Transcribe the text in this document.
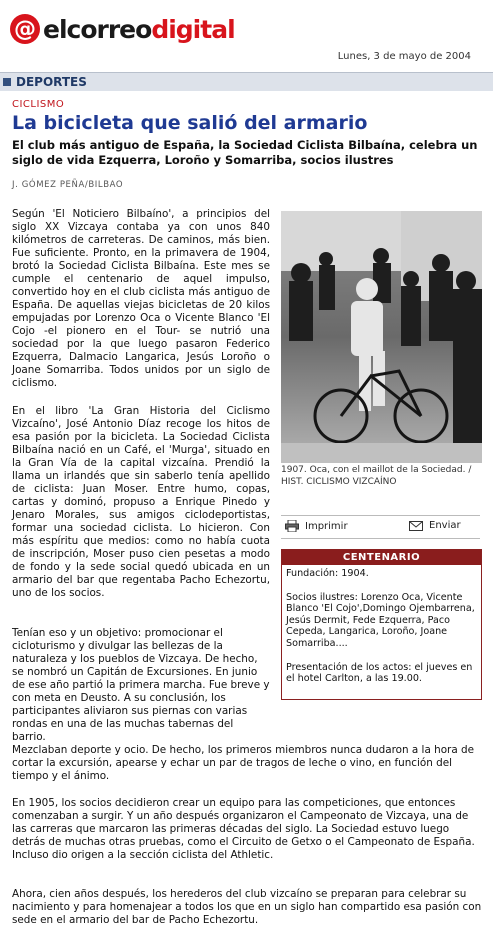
@ elcorreodigital
Lunes, 3 de mayo de 2004
DEPORTES
CICLISMO
La bicicleta que salió del armario
El club más antiguo de España, la Sociedad Ciclista Bilbaína, celebra un siglo de vida Ezquerra, Loroño y Somarriba, socios ilustres
J. GÓMEZ PEÑA/BILBAO

Según 'El Noticiero Bilbaíno', a principios del siglo XX Vizcaya contaba ya con unos 840 kilómetros de carreteras. De caminos, más bien. Fue suficiente. Pronto, en la primavera de 1904, brotó la Sociedad Ciclista Bilbaína. Este mes se cumple el centenario de aquel impulso, convertido hoy en el club ciclista más antiguo de España. De aquellas viejas bicicletas de 20 kilos empujadas por Lorenzo Oca o Vicente Blanco 'El Cojo -el pionero en el Tour- se nutrió una sociedad por la que luego pasaron Federico Ezquerra, Dalmacio Langarica, Jesús Loroño o Joane Somarriba. Todos unidos por un siglo de ciclismo.

En el libro 'La Gran Historia del Ciclismo Vizcaíno', José Antonio Díaz recoge los hitos de esa pasión por la bicicleta. La Sociedad Ciclista Bilbaína nació en un Café, el 'Murga', situado en la Gran Vía de la capital vizcaína. Prendió la llama un irlandés que sin saberlo tenía apellido de ciclista: Juan Moser. Entre humo, copas, cartas y dominó, propuso a Enrique Pinedo y Jenaro Morales, sus amigos ciclodeportistas, formar una sociedad ciclista. Lo hicieron. Con más espíritu que medios: como no había cuota de inscripción, Moser puso cien pesetas a modo de fondo y la sede social quedó ubicada en un armario del bar que regentaba Pacho Echezortu, uno de los socios.

Tenían eso y un objetivo: promocionar el cicloturismo y divulgar las bellezas de la naturaleza y los pueblos de Vizcaya. De hecho, se nombró un Capitán de Excursiones. En junio de ese año partió la primera marcha. Fue breve y con meta en Deusto. A su conclusión, los participantes aliviaron sus piernas con varias rondas en una de las muchas tabernas del barrio.

Mezclaban deporte y ocio. De hecho, los primeros miembros nunca dudaron a la hora de cortar la excursión, apearse y echar un par de tragos de leche o vino, en función del tiempo y el ánimo.

En 1905, los socios decidieron crear un equipo para las competiciones, que entonces comenzaban a surgir. Y un año después organizaron el Campeonato de Vizcaya, una de las carreras que marcaron las primeras décadas del siglo. La Sociedad estuvo luego detrás de muchas otras pruebas, como el Circuito de Getxo o el Campeonato de España. Incluso dio origen a la sección ciclista del Athletic.

Ahora, cien años después, los herederos del club vizcaíno se preparan para celebrar su nacimiento y para homenajear a todos los que en un siglo han compartido esa pasión con sede en el armario del bar de Pacho Echezortu.

1907. Oca, con el maillot de la Sociedad. / HIST. CICLISMO VIZCAÍNO
Imprimir	Enviar
CENTENARIO

Fundación: 1904.

Socios ilustres: Lorenzo Oca, Vicente Blanco 'El Cojo',Domingo Ojembarrena, Jesús Dermit, Fede Ezquerra, Paco Cepeda, Langarica, Loroño, Joane Somarriba....

Presentación de los actos: el jueves en el hotel Carlton, a las 19.00.
